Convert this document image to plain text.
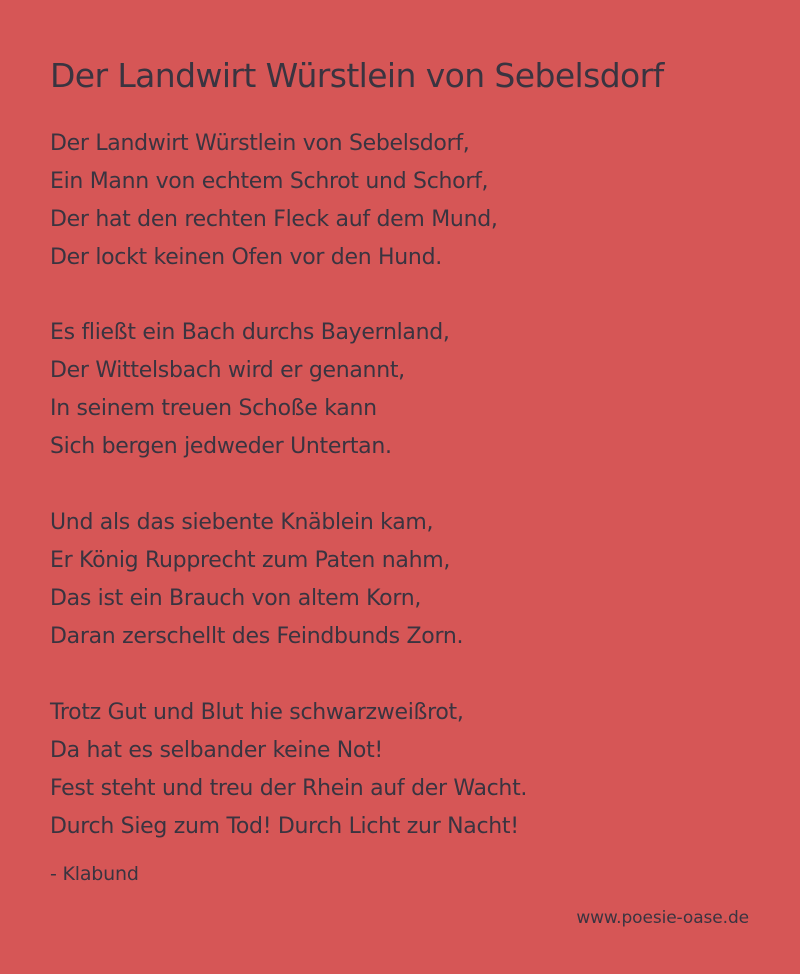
Der Landwirt Würstlein von Sebelsdorf
Der Landwirt Würstlein von Sebelsdorf,
Ein Mann von echtem Schrot und Schorf,
Der hat den rechten Fleck auf dem Mund,
Der lockt keinen Ofen vor den Hund.
Es fließt ein Bach durchs Bayernland,
Der Wittelsbach wird er genannt,
In seinem treuen Schoße kann
Sich bergen jedweder Untertan.
Und als das siebente Knäblein kam,
Er König Rupprecht zum Paten nahm,
Das ist ein Brauch von altem Korn,
Daran zerschellt des Feindbunds Zorn.
Trotz Gut und Blut hie schwarzweißrot,
Da hat es selbander keine Not!
Fest steht und treu der Rhein auf der Wacht.
Durch Sieg zum Tod! Durch Licht zur Nacht!
- Klabund
www.poesie-oase.de
